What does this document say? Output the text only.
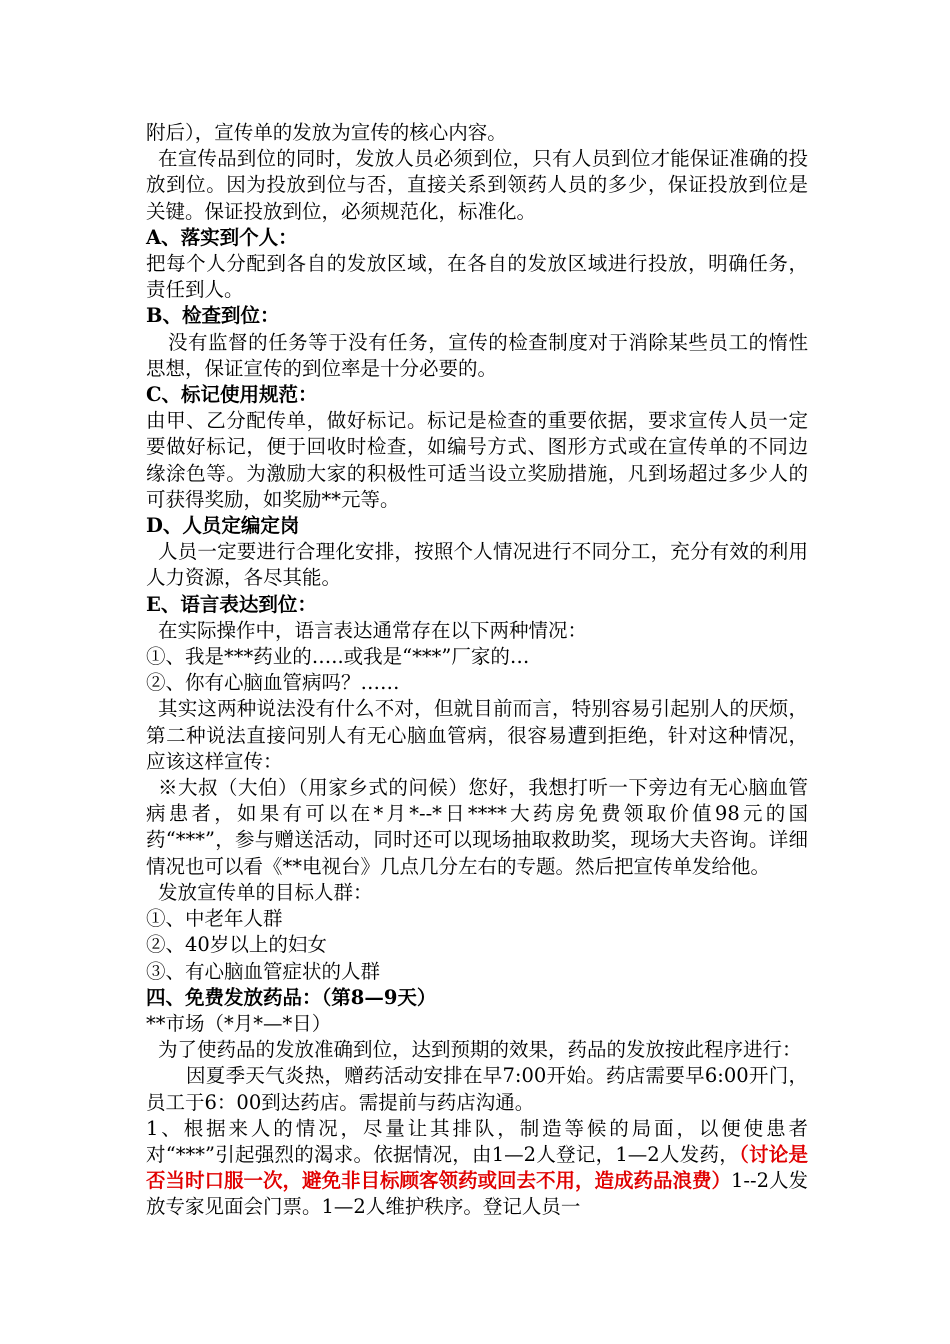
附后），宣传单的发放为宣传的核心内容。

在宣传品到位的同时，发放人员必须到位，只有人员到位才能保证准确的投放到位。因为投放到位与否，直接关系到领药人员的多少，保证投放到位是关键。保证投放到位，必须规范化，标准化。

A、落实到个人：

把每个人分配到各自的发放区域，在各自的发放区域进行投放，明确任务，责任到人。

B、检查到位：

没有监督的任务等于没有任务，宣传的检查制度对于消除某些员工的惰性思想，保证宣传的到位率是十分必要的。

C、标记使用规范：

由甲、乙分配传单，做好标记。标记是检查的重要依据，要求宣传人员一定要做好标记，便于回收时检查，如编号方式、图形方式或在宣传单的不同边缘涂色等。为激励大家的积极性可适当设立奖励措施，凡到场超过多少人的可获得奖励，如奖励**元等。

D、人员定编定岗

人员一定要进行合理化安排，按照个人情况进行不同分工，充分有效的利用人力资源，各尽其能。

E、语言表达到位：

在实际操作中，语言表达通常存在以下两种情况：

①、我是***药业的…..或我是“***”厂家的…

②、你有心脑血管病吗？……

其实这两种说法没有什么不对，但就目前而言，特别容易引起别人的厌烦，第二种说法直接问别人有无心脑血管病，很容易遭到拒绝，针对这种情况，应该这样宣传：

※大叔（大伯）（用家乡式的问候）您好，我想打听一下旁边有无心脑血管病患者，如果有可以在*月*--*日****大药房免费领取价值98元的国药“***”，参与赠送活动，同时还可以现场抽取救助奖，现场大夫咨询。详细情况也可以看《**电视台》几点几分左右的专题。然后把宣传单发给他。

发放宣传单的目标人群：

①、中老年人群

②、40岁以上的妇女

③、有心脑血管症状的人群

四、免费发放药品：（第8—9天）

**市场（*月*—*日）

为了使药品的发放准确到位，达到预期的效果，药品的发放按此程序进行：

因夏季天气炎热，赠药活动安排在早7:00开始。药店需要早6:00开门，员工于6：00到达药店。需提前与药店沟通。

1、根据来人的情况，尽量让其排队，制造等候的局面，以便使患者对“***”引起强烈的渴求。依据情况，由1—2人登记，1—2人发药，（讨论是否当时口服一次，避免非目标顾客领药或回去不用，造成药品浪费）1--2人发放专家见面会门票。1—2人维护秩序。登记人员一
